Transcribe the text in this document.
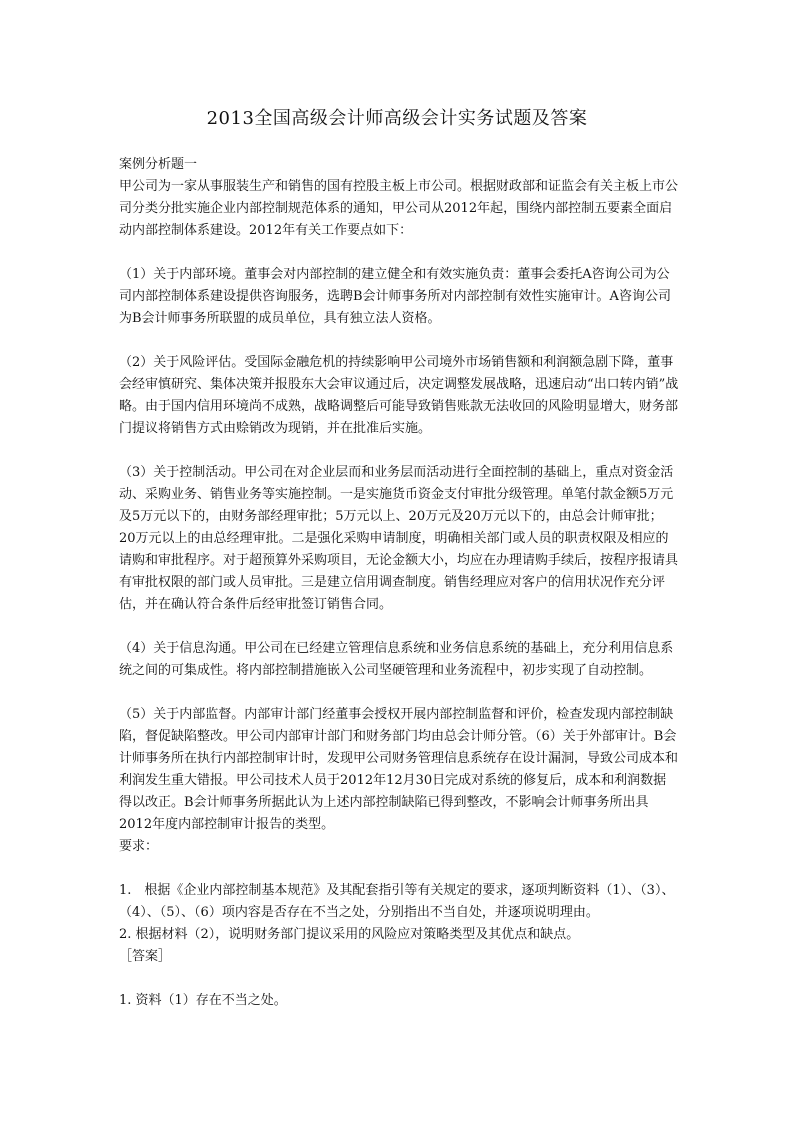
2013全国高级会计师高级会计实务试题及答案

案例分析题一

甲公司为一家从事服装生产和销售的国有控股主板上市公司。根据财政部和证监会有关主板上市公司分类分批实施企业内部控制规范体系的通知，甲公司从2012年起，围绕内部控制五要素全面启动内部控制体系建设。2012年有关工作要点如下：

（1）关于内部环境。董事会对内部控制的建立健全和有效实施负责：董事会委托A咨询公司为公司内部控制体系建设提供咨询服务，选聘B会计师事务所对内部控制有效性实施审计。A咨询公司为B会计师事务所联盟的成员单位，具有独立法人资格。

（2）关于风险评估。受国际金融危机的持续影响甲公司境外市场销售额和利润额急剧下降，董事会经审慎研究、集体决策并报股东大会审议通过后，决定调整发展战略，迅速启动“出口转内销”战略。由于国内信用环境尚不成熟，战略调整后可能导致销售账款无法收回的风险明显增大，财务部门提议将销售方式由赊销改为现销，并在批准后实施。

（3）关于控制活动。甲公司在对企业层而和业务层而活动进行全面控制的基础上，重点对资金活动、采购业务、销售业务等实施控制。一是实施货币资金支付审批分级管理。单笔付款金额5万元及5万元以下的，由财务部经理审批；5万元以上、20万元及20万元以下的，由总会计师审批；20万元以上的由总经理审批。二是强化采购申请制度，明确相关部门或人员的职责权限及相应的请购和审批程序。对于超预算外采购项目，无论金额大小，均应在办理请购手续后，按程序报请具有审批权限的部门或人员审批。三是建立信用调查制度。销售经理应对客户的信用状况作充分评估，并在确认符合条件后经审批签订销售合同。

（4）关于信息沟通。甲公司在已经建立管理信息系统和业务信息系统的基础上，充分利用信息系统之间的可集成性。将内部控制措施嵌入公司坚硬管理和业务流程中，初步实现了自动控制。

（5）关于内部监督。内部审计部门经董事会授权开展内部控制监督和评价，检查发现内部控制缺陷，督促缺陷整改。甲公司内部审计部门和财务部门均由总会计师分管。（6）关于外部审计。B会计师事务所在执行内部控制审计时，发现甲公司财务管理信息系统存在设计漏洞，导致公司成本和利润发生重大错报。甲公司技术人员于2012年12月30日完成对系统的修复后，成本和利润数据得以改正。B会计师事务所据此认为上述内部控制缺陷已得到整改，不影响会计师事务所出具2012年度内部控制审计报告的类型。

要求：

1.　根据《企业内部控制基本规范》及其配套指引等有关规定的要求，逐项判断资料（1）、（3）、（4）、（5）、（6）项内容是否存在不当之处，分别指出不当自处，并逐项说明理由。

2. 根据材料（2），说明财务部门提议采用的风险应对策略类型及其优点和缺点。

［答案］

1. 资料（1）存在不当之处。
